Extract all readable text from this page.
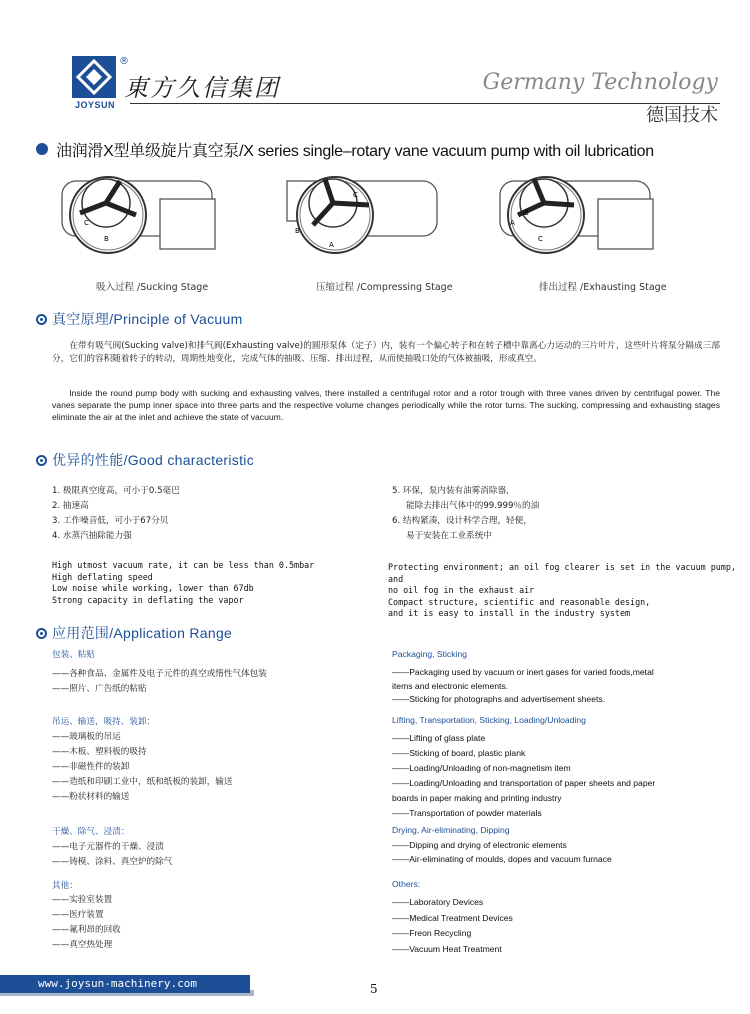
®
JOYSUN
東方久信集团	Germany Technology
德国技术
油润滑X型单级旋片真空泵/X series single–rotary vane vacuum pump with oil lubrication
C
B
吸入过程 /Sucking Stage
B
A
C
压缩过程 /Compressing Stage
A
B
C
排出过程 /Exhausting Stage
真空原理/Principle of Vacuum
在带有吸气阀(Sucking valve)和排气阀(Exhausting valve)的圆形泵体（定子）内，装有一个偏心转子和在转子槽中靠离心力运动的三片叶片，这些叶片将泵分隔成三部分，它们的容积随着转子的转动，周期性地变化，完成气体的抽吸、压缩、排出过程，从而使抽吸口处的气体被抽吸，形成真空。
Inside the round pump body with sucking and exhausting valves, there installed a centrifugal rotor and a rotor trough with three vanes driven by centrifugal power. The vanes separate the pump inner space into three parts and the respective volume changes periodically while the rotor turns. The sucking, compressing and exhausting stages eliminate the air at the inlet and achieve the state of vacuum.
优异的性能/Good characteristic
1. 极限真空度高，可小于0.5毫巴
2. 抽速高
3. 工作噪音低，可小于67分贝
4. 水蒸汽抽除能力强
5. 环保，泵内装有油雾消除器，
能除去排出气体中的99.999％的油
6. 结构紧凑，设计科学合理，轻便，
易于安装在工业系统中
High utmost vacuum rate, it can be less than 0.5mbar
High deflating speed
Low noise while working, lower than 67db
Strong capacity in deflating the vapor
Protecting environment; an oil fog clearer is set in the vacuum pump, and
no oil fog in the exhaust air
Compact structure, scientific and reasonable design,
and it is easy to install in the industry system
应用范围/Application Range
包装、粘贴
——各种食品、金属件及电子元件的真空或惰性气体包装
——照片、广告纸的粘贴
吊运、输送，吸持、装卸：
——玻璃板的吊运
——木板、塑料板的吸持
——非磁性件的装卸
——造纸和印刷工业中，纸和纸板的装卸，输送
——粉状材料的输送
干燥、除气、浸渍：
——电子元器件的干燥、浸渍
——铸模、涂料、真空炉的除气
其他：
——实验室装置
——医疗装置
——氟利昂的回收
——真空热处理
Packaging, Sticking
——Packaging used by vacuum or inert gases for varied foods,metal
items and electronic elements.
——Sticking for photographs and advertisement sheets.
Lifting, Transportation, Sticking, Loading/Unloading
——Lifting of glass plate
——Sticking of board, plastic plank
——Loading/Unloading of non-magnetism item
——Loading/Unloading and transportation of paper sheets and paper
boards in paper making and printing industry
——Transportation of powder materials
Drying, Air-eliminating, Dipping
——Dipping and drying of electronic elements
——Air-eliminating of moulds, dopes and vacuum furnace
Others:
——Laboratory Devices
——Medical Treatment Devices
——Freon Recycling
——Vacuum Heat Treatment
www.joysun-machinery.com	5
